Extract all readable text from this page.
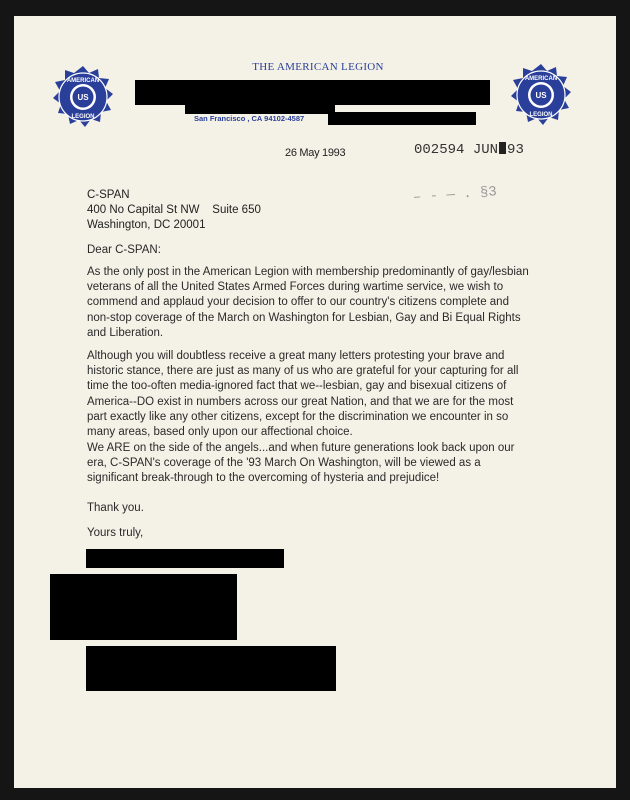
AMERICAN
US
LEGION
AMERICAN
US
LEGION
THE AMERICAN LEGION
San Francisco , CA 94102-4587
26 May 1993	002594 JUN 93
– - — . §3
C-SPAN
400 No Capital St NW    Suite 650
Washington, DC 20001
Dear C-SPAN:

As the only post in the American Legion with membership predominantly of gay/lesbian veterans of all the United States Armed Forces during wartime service, we wish to commend and applaud your decision to offer to our country's citizens complete and non-stop coverage of the March on Washington for Lesbian, Gay and Bi Equal Rights and Liberation.

Although you will doubtless receive a great many letters protesting your brave and historic stance, there are just as many of us who are grateful for your capturing for all time the too-often media-ignored fact that we--lesbian, gay and bisexual citizens of America--DO exist in numbers across our great Nation, and that we are for the most part exactly like any other citizens, except for the discrimination we encounter in so many areas, based only upon our affectional choice.

We ARE on the side of the angels...and when future generations look back upon our era, C-SPAN's coverage of the '93 March On Washington, will be viewed as a significant break-through to the overcoming of hysteria and prejudice!

Thank you.
Yours truly,
